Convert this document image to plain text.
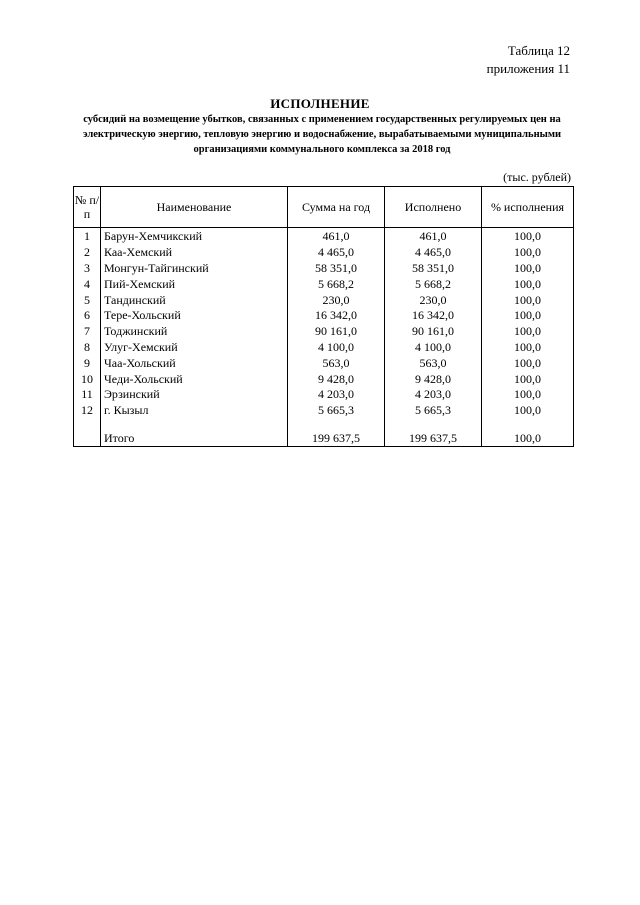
Таблица 12
приложения 11
ИСПОЛНЕНИЕ
субсидий на возмещение убытков, связанных с применением государственных регулируемых цен на электрическую энергию, тепловую энергию и водоснабжение, вырабатываемыми муниципальными организациями коммунального комплекса за 2018 год
(тыс. рублей)
№ п/п	Наименование	Сумма на год	Исполнено	% исполнения
1	Барун-Хемчикский	461,0	461,0	100,0
2	Каа-Хемский	4 465,0	4 465,0	100,0
3	Монгун-Тайгинский	58 351,0	58 351,0	100,0
4	Пий-Хемский	5 668,2	5 668,2	100,0
5	Тандинский	230,0	230,0	100,0
6	Тере-Хольский	16 342,0	16 342,0	100,0
7	Тоджинский	90 161,0	90 161,0	100,0
8	Улуг-Хемский	4 100,0	4 100,0	100,0
9	Чаа-Хольский	563,0	563,0	100,0
10	Чеди-Хольский	9 428,0	9 428,0	100,0
11	Эрзинский	4 203,0	4 203,0	100,0
12	г. Кызыл	5 665,3	5 665,3	100,0

	Итого	199 637,5	199 637,5	100,0
